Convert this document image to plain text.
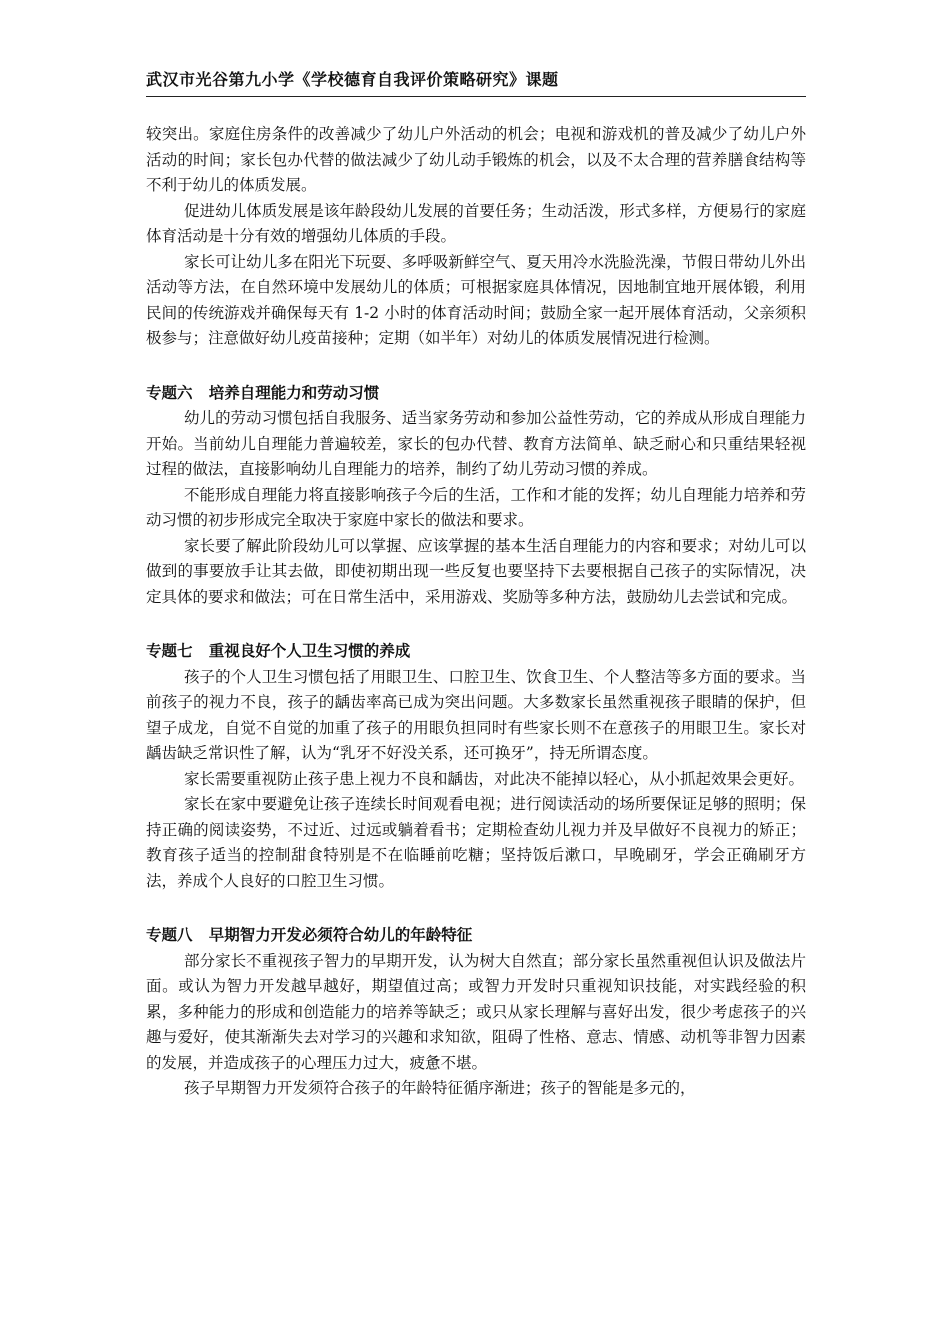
武汉市光谷第九小学《学校德育自我评价策略研究》课题

较突出。家庭住房条件的改善减少了幼儿户外活动的机会；电视和游戏机的普及减少了幼儿户外活动的时间；家长包办代替的做法减少了幼儿动手锻炼的机会，以及不太合理的营养膳食结构等不利于幼儿的体质发展。

促进幼儿体质发展是该年龄段幼儿发展的首要任务；生动活泼，形式多样，方便易行的家庭体育活动是十分有效的增强幼儿体质的手段。

家长可让幼儿多在阳光下玩耍、多呼吸新鲜空气、夏天用冷水洗脸洗澡，节假日带幼儿外出活动等方法，在自然环境中发展幼儿的体质；可根据家庭具体情况，因地制宜地开展体锻，利用民间的传统游戏并确保每天有 1-2 小时的体育活动时间；鼓励全家一起开展体育活动，父亲须积极参与；注意做好幼儿疫苗接种；定期（如半年）对幼儿的体质发展情况进行检测。

专题六   培养自理能力和劳动习惯

幼儿的劳动习惯包括自我服务、适当家务劳动和参加公益性劳动，它的养成从形成自理能力开始。当前幼儿自理能力普遍较差，家长的包办代替、教育方法简单、缺乏耐心和只重结果轻视过程的做法，直接影响幼儿自理能力的培养，制约了幼儿劳动习惯的养成。

不能形成自理能力将直接影响孩子今后的生活，工作和才能的发挥；幼儿自理能力培养和劳动习惯的初步形成完全取决于家庭中家长的做法和要求。

家长要了解此阶段幼儿可以掌握、应该掌握的基本生活自理能力的内容和要求；对幼儿可以做到的事要放手让其去做，即使初期出现一些反复也要坚持下去要根据自己孩子的实际情况，决定具体的要求和做法；可在日常生活中，采用游戏、奖励等多种方法，鼓励幼儿去尝试和完成。

专题七   重视良好个人卫生习惯的养成

孩子的个人卫生习惯包括了用眼卫生、口腔卫生、饮食卫生、个人整洁等多方面的要求。当前孩子的视力不良，孩子的龋齿率高已成为突出问题。大多数家长虽然重视孩子眼睛的保护，但望子成龙，自觉不自觉的加重了孩子的用眼负担同时有些家长则不在意孩子的用眼卫生。家长对龋齿缺乏常识性了解，认为“乳牙不好没关系，还可换牙”，持无所谓态度。

家长需要重视防止孩子患上视力不良和龋齿，对此决不能掉以轻心，从小抓起效果会更好。

家长在家中要避免让孩子连续长时间观看电视；进行阅读活动的场所要保证足够的照明；保持正确的阅读姿势，不过近、过远或躺着看书；定期检查幼儿视力并及早做好不良视力的矫正；教育孩子适当的控制甜食特别是不在临睡前吃糖；坚持饭后漱口，早晚刷牙，学会正确刷牙方法，养成个人良好的口腔卫生习惯。

专题八   早期智力开发必须符合幼儿的年龄特征

部分家长不重视孩子智力的早期开发，认为树大自然直；部分家长虽然重视但认识及做法片面。或认为智力开发越早越好，期望值过高；或智力开发时只重视知识技能，对实践经验的积累，多种能力的形成和创造能力的培养等缺乏；或只从家长理解与喜好出发，很少考虑孩子的兴趣与爱好，使其渐渐失去对学习的兴趣和求知欲，阻碍了性格、意志、情感、动机等非智力因素的发展，并造成孩子的心理压力过大，疲惫不堪。

孩子早期智力开发须符合孩子的年龄特征循序渐进；孩子的智能是多元的，
